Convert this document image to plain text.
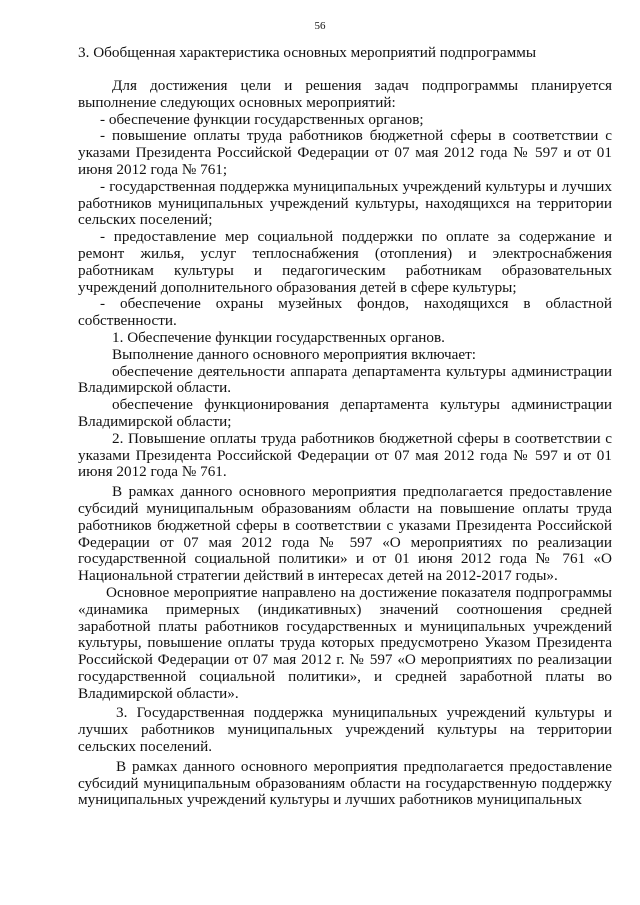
56
3. Обобщенная характеристика основных мероприятий подпрограммы

Для достижения цели и решения задач подпрограммы планируется выполнение следующих основных мероприятий:

- обеспечение функции государственных органов;

- повышение оплаты труда работников бюджетной сферы в соответствии с указами Президента Российской Федерации от 07 мая 2012 года № 597 и от 01 июня 2012 года № 761;

- государственная поддержка муниципальных учреждений культуры и лучших работников муниципальных учреждений культуры, находящихся на территории сельских поселений;

- предоставление мер социальной поддержки по оплате за содержание и ремонт жилья, услуг теплоснабжения (отопления) и электроснабжения работникам культуры и педагогическим работникам образовательных учреждений дополнительного образования детей в сфере культуры;

- обеспечение охраны музейных фондов, находящихся в областной собственности.

1. Обеспечение функции государственных органов.

Выполнение данного основного мероприятия включает:

обеспечение деятельности аппарата департамента культуры администрации Владимирской области.

обеспечение функционирования департамента культуры администрации Владимирской области;

2. Повышение оплаты труда работников бюджетной сферы в соответствии с указами Президента Российской Федерации от 07 мая 2012 года № 597 и от 01 июня 2012 года № 761.

В рамках данного основного мероприятия предполагается предоставление субсидий муниципальным образованиям области на повышение оплаты труда работников бюджетной сферы в соответствии с указами Президента Российской Федерации от 07 мая 2012 года № 597 «О мероприятиях по реализации государственной социальной политики» и от 01 июня 2012 года № 761 «О Национальной стратегии действий в интересах детей на 2012-2017 годы».

Основное мероприятие направлено на достижение показателя подпрограммы «динамика примерных (индикативных) значений соотношения средней заработной платы работников государственных и муниципальных учреждений культуры, повышение оплаты труда которых предусмотрено Указом Президента Российской Федерации от 07 мая 2012 г. № 597 «О мероприятиях по реализации государственной социальной политики», и средней заработной платы во Владимирской области».

3. Государственная поддержка муниципальных учреждений культуры и лучших работников муниципальных учреждений культуры на территории сельских поселений.

В рамках данного основного мероприятия предполагается предоставление субсидий муниципальным образованиям области на государственную поддержку муниципальных учреждений культуры и лучших работников муниципальных
